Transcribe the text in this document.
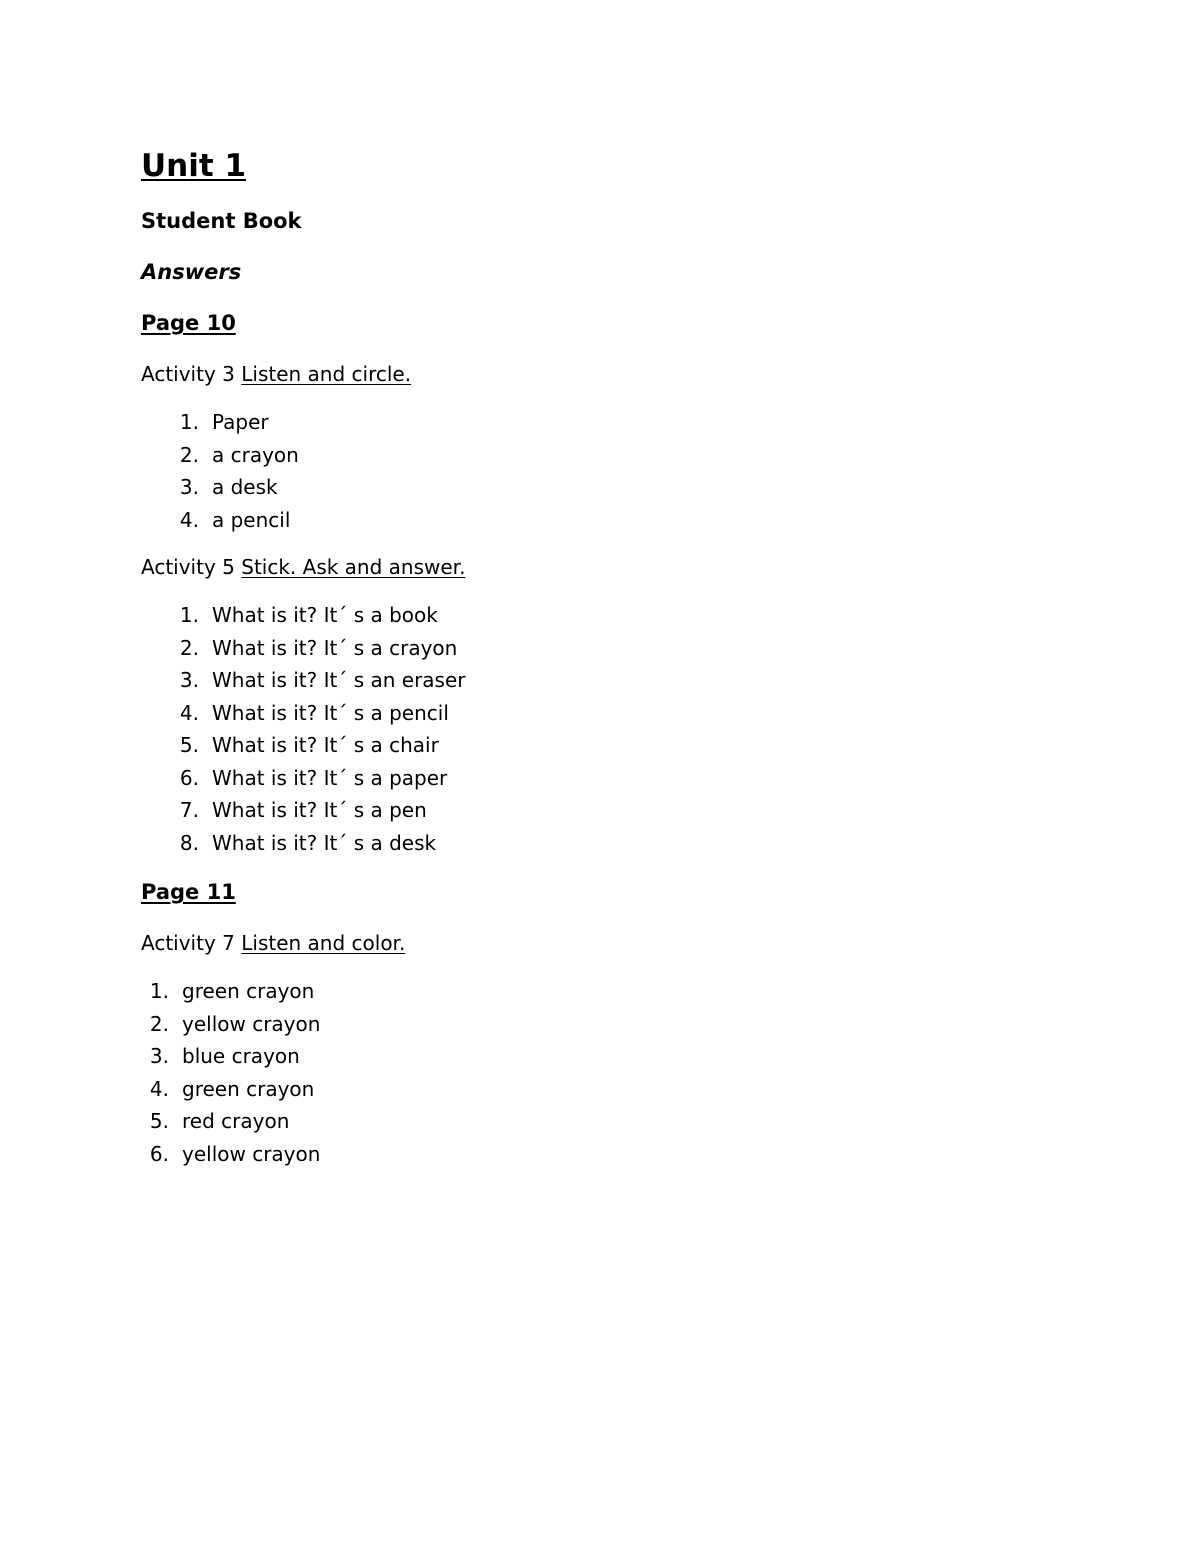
Unit 1
Student Book
Answers
Page 10

Activity 3 Listen and circle.

1. Paper
2. a crayon
3. a desk
4. a pencil

Activity 5 Stick. Ask and answer.

1. What is it? It´ s a book
2. What is it? It´ s a crayon
3. What is it? It´ s an eraser
4. What is it? It´ s a pencil
5. What is it? It´ s a chair
6. What is it? It´ s a paper
7. What is it? It´ s a pen
8. What is it? It´ s a desk
Page 11

Activity 7 Listen and color.

1. green crayon
2. yellow crayon
3. blue crayon
4. green crayon
5. red crayon
6. yellow crayon
